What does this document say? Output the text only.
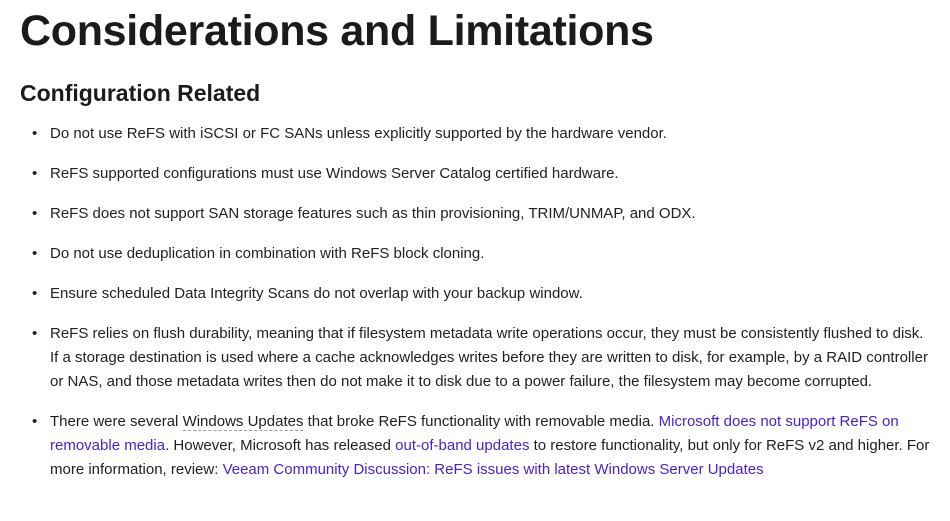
Considerations and Limitations
Configuration Related
• Do not use ReFS with iSCSI or FC SANs unless explicitly supported by the hardware vendor.
• ReFS supported configurations must use Windows Server Catalog certified hardware.
• ReFS does not support SAN storage features such as thin provisioning, TRIM/UNMAP, and ODX.
• Do not use deduplication in combination with ReFS block cloning.
• Ensure scheduled Data Integrity Scans do not overlap with your backup window.
• ReFS relies on flush durability, meaning that if filesystem metadata write operations occur, they must be consistently flushed to disk. If a storage destination is used where a cache acknowledges writes before they are written to disk, for example, by a RAID controller or NAS, and those metadata writes then do not make it to disk due to a power failure, the filesystem may become corrupted.
• There were several Windows Updates that broke ReFS functionality with removable media. Microsoft does not support ReFS on removable media. However, Microsoft has released out-of-band updates to restore functionality, but only for ReFS v2 and higher. For more information, review: Veeam Community Discussion: ReFS issues with latest Windows Server Updates
